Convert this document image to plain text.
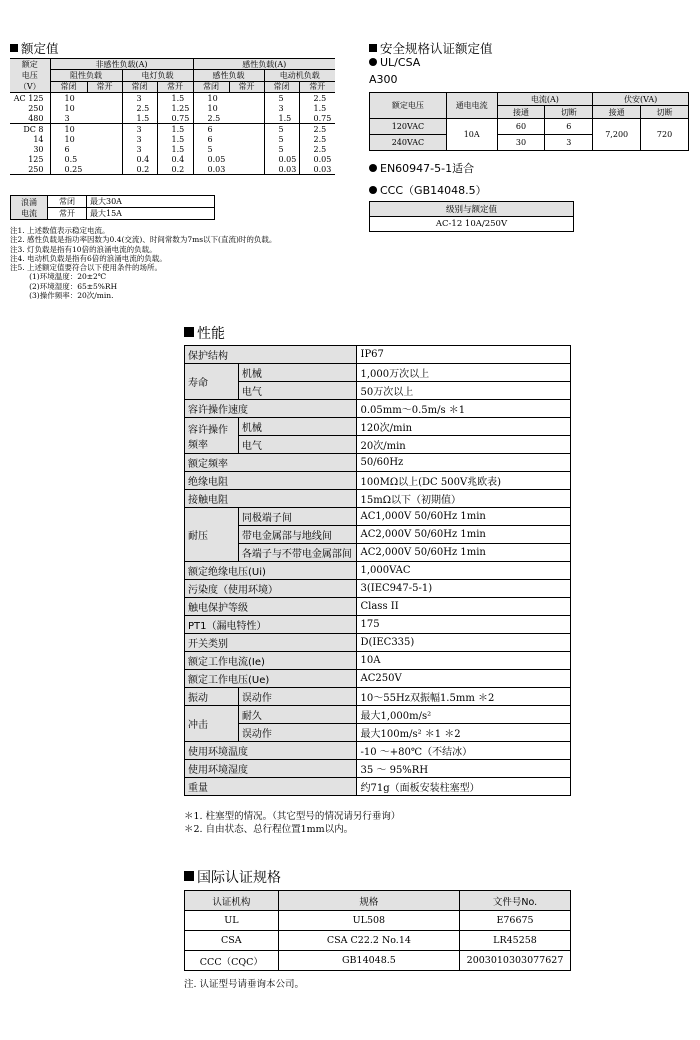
额定值
额定
电压
（V）	非感性负载(A)				感性负载(A)			
	阻性负载		电灯负载		感性负载		电动机负载	
	常闭	常开	常闭	常开	常闭	常开	常闭	常开
AC 125	10		3	1.5	10		5	2.5
250	10		2.5	1.25	10		3	1.5
480	3		1.5	0.75	2.5		1.5	0.75
DC 8	10		3	1.5	6		5	2.5
14	10		3	1.5	6		5	2.5
30	6		3	1.5	5		5	2.5
125	0.5		0.4	0.4	0.05		0.05	0.05
250	0.25		0.2	0.2	0.03		0.03	0.03
浪涌
电流	常闭	最大30A
	常开	最大15A
注1. 上述数值表示稳定电流。
注2. 感性负载是指功率因数为0.4(交流)、时间常数为7ms以下(直流)时的负载。
注3. 灯负载是指有10倍的浪涌电流的负载。
注4. 电动机负载是指有6倍的浪涌电流的负载。
注5. 上述额定值要符合以下使用条件的场所。
(1)环境温度：20±2℃
(2)环境湿度：65±5%RH
(3)操作频率：20次/min.
安全规格认证额定值
UL/CSA
A300
额定电压	通电电流	电流(A)		伏安(VA)	
		接通	切断	接通	切断
120VAC	10A	60	6	7,200	720
240VAC		30	3		
EN60947-5-1适合
CCC（GB14048.5）
级别与额定值
AC-12 10A/250V
性能
保护结构		IP67
寿命	机械	1,000万次以上
	电气	50万次以上
容许操作速度		0.05mm～0.5m/s ＊1
容许操作频率	机械	120次/min
	电气	20次/min
额定频率		50/60Hz
绝缘电阻		100MΩ以上(DC 500V兆欧表)
接触电阻		15mΩ以下（初期值）
耐压	同极端子间	AC1,000V 50/60Hz 1min
	带电金属部与地线间	AC2,000V 50/60Hz 1min
	各端子与不带电金属部间	AC2,000V 50/60Hz 1min
额定绝缘电压(Ui)		1,000VAC
污染度（使用环境）		3(IEC947-5-1)
触电保护等级		Class II
PT1（漏电特性）		175
开关类别		D(IEC335)
额定工作电流(Ie)		10A
额定工作电压(Ue)		AC250V
振动	误动作	10～55Hz双振幅1.5mm ＊2
冲击	耐久	最大1,000m/s²
	误动作	最大100m/s² ＊1 ＊2
使用环境温度		-10 ～+80℃（不结冰）
使用环境湿度		35 ～ 95%RH
重量		约71g（面板安装柱塞型）
＊1. 柱塞型的情况。（其它型号的情况请另行垂询）
＊2. 自由状态、总行程位置1mm以内。
国际认证规格
认证机构	规格	文件号No.
UL	UL508	E76675
CSA	CSA C22.2 No.14	LR45258
CCC（CQC）	GB14048.5	2003010303077627
注. 认证型号请垂询本公司。
